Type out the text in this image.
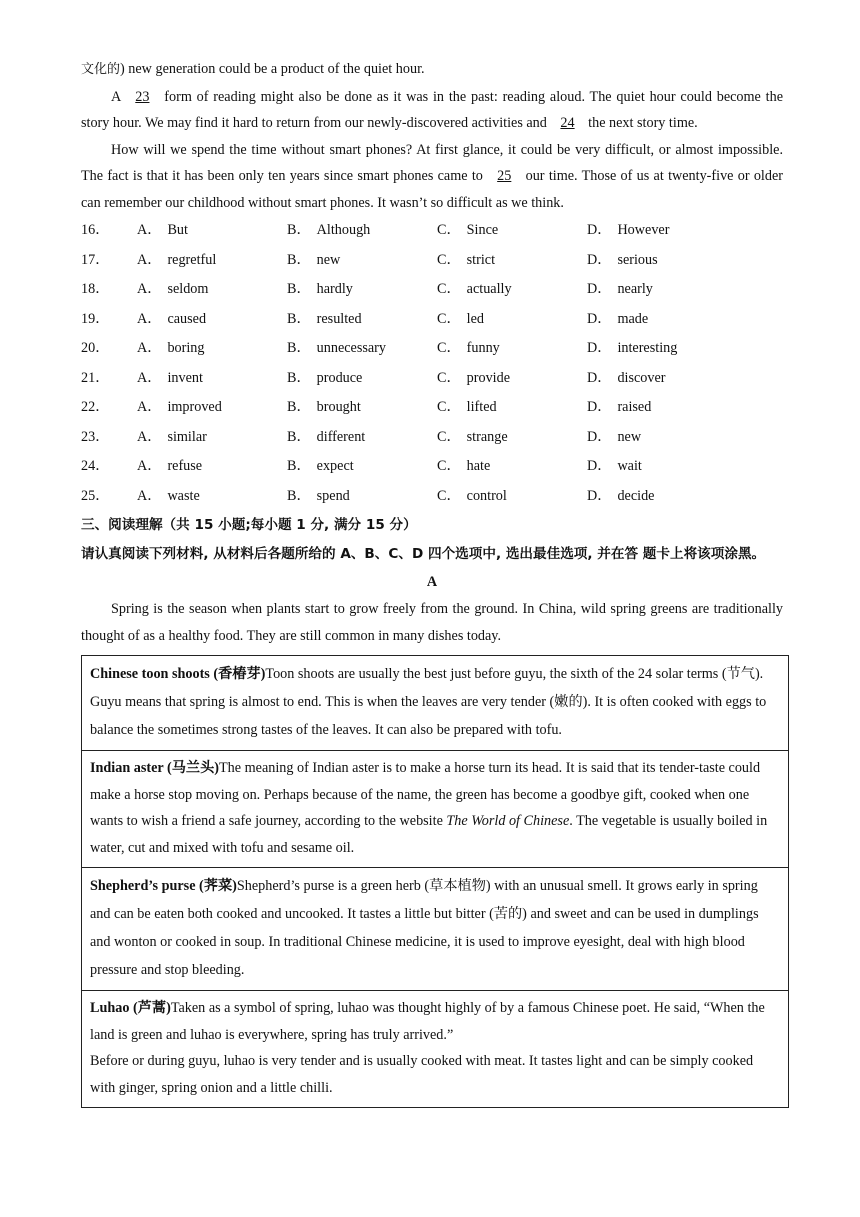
文化的) new generation could be a product of the quiet hour.

A 23 form of reading might also be done as it was in the past: reading aloud. The quiet hour could become the story hour. We may find it hard to return from our newly-discovered activities and 24 the next story time.

How will we spend the time without smart phones? At first glance, it could be very difficult, or almost impossible. The fact is that it has been only ten years since smart phones came to 25 our time. Those of us at twenty-five or older can remember our childhood without smart phones. It wasn’t so difficult as we think.

16．	A． But	B． Although	C． Since	D． However
17．	A． regretful	B． new	C． strict	D． serious
18．	A． seldom	B． hardly	C． actually	D． nearly
19．	A． caused	B． resulted	C． led	D． made
20．	A． boring	B． unnecessary	C． funny	D． interesting
21．	A． invent	B． produce	C． provide	D． discover
22．	A． improved	B． brought	C． lifted	D． raised
23．	A． similar	B． different	C． strange	D． new
24．	A． refuse	B． expect	C． hate	D． wait
25．	A． waste	B． spend	C． control	D． decide

三、阅读理解（共 15 小题;每小题 1 分, 满分 15 分）

请认真阅读下列材料, 从材料后各题所给的 A、B、C、D 四个选项中, 选出最佳选项, 并在答 题卡上将该项涂黑。

A

Spring is the season when plants start to grow freely from the ground. In China, wild spring greens are traditionally thought of as a healthy food. They are still common in many dishes today.

Chinese toon shoots (香椿芽)Toon shoots are usually the best just before guyu, the sixth of the 24 solar terms (节气). Guyu means that spring is almost to end. This is when the leaves are very tender (嫩的). It is often cooked with eggs to balance the sometimes strong tastes of the leaves. It can also be prepared with tofu.
Indian aster (马兰头)The meaning of Indian aster is to make a horse turn its head. It is said that its tender-taste could make a horse stop moving on. Perhaps because of the name, the green has become a goodbye gift, cooked when one wants to wish a friend a safe journey, according to the website The World of Chinese. The vegetable is usually boiled in water, cut and mixed with tofu and sesame oil.
Shepherd’s purse (荠菜)Shepherd’s purse is a green herb (草本植物) with an unusual smell. It grows early in spring and can be eaten both cooked and uncooked. It tastes a little but bitter (苦的) and sweet and can be used in dumplings and wonton or cooked in soup. In traditional Chinese medicine, it is used to improve eyesight, deal with high blood pressure and stop bleeding.
Luhao (芦蒿)Taken as a symbol of spring, luhao was thought highly of by a famous Chinese poet. He said, “When the land is green and luhao is everywhere, spring has truly arrived.”
Before or during guyu, luhao is very tender and is usually cooked with meat. It tastes light and can be simply cooked with ginger, spring onion and a little chilli.
